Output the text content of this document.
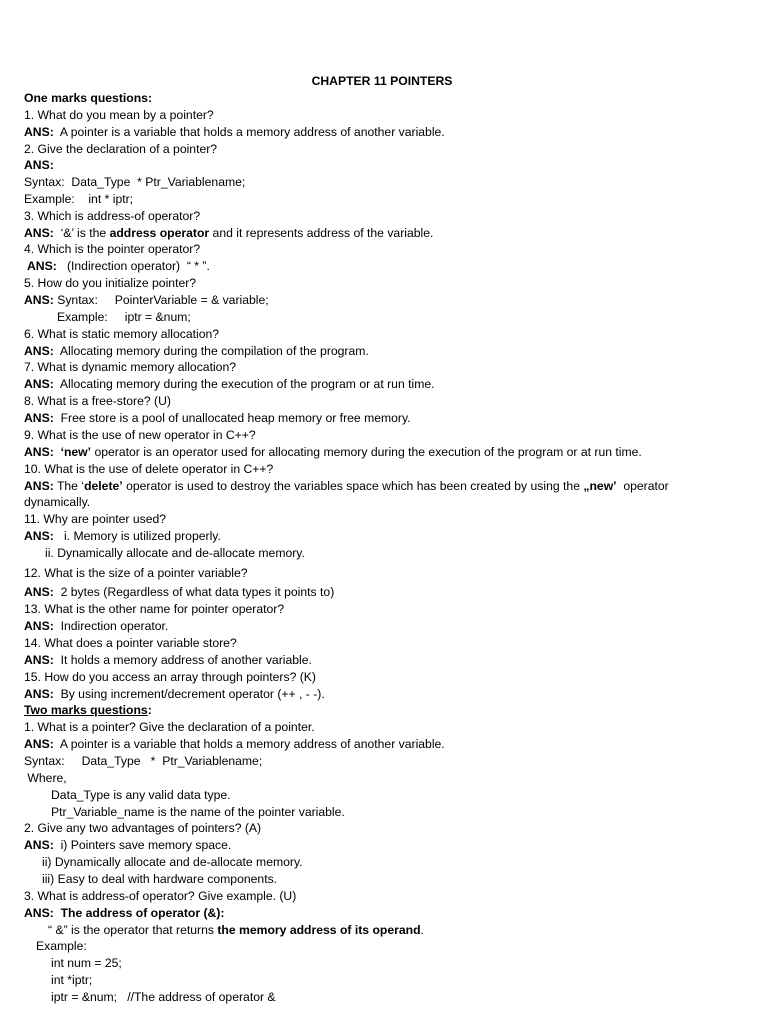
CHAPTER 11 POINTERS
One marks questions:
1. What do you mean by a pointer?
ANS: A pointer is a variable that holds a memory address of another variable.
2. Give the declaration of a pointer?
ANS:
Syntax:  Data_Type  * Ptr_Variablename;
Example:    int * iptr;
3. Which is address-of operator?
ANS:  ‘&’ is the address operator and it represents address of the variable.
4. Which is the pointer operator?
ANS:   (Indirection operator)  “ * ”.
5. How do you initialize pointer?
ANS: Syntax:     PointerVariable = & variable;
Example:     iptr = &num;
6. What is static memory allocation?
ANS: Allocating memory during the compilation of the program.
7. What is dynamic memory allocation?
ANS: Allocating memory during the execution of the program or at run time.
8. What is a free-store? (U)
ANS: Free store is a pool of unallocated heap memory or free memory.
9. What is the use of new operator in C++?
ANS: ‘new’ operator is an operator used for allocating memory during the execution of the program or at run time.
10. What is the use of delete operator in C++?
ANS: The ‘delete’ operator is used to destroy the variables space which has been created by using the „new’  operator
dynamically.
11. Why are pointer used?
ANS:   i. Memory is utilized properly.
ii. Dynamically allocate and de-allocate memory.
12. What is the size of a pointer variable?
ANS: 2 bytes (Regardless of what data types it points to)
13. What is the other name for pointer operator?
ANS: Indirection operator.
14. What does a pointer variable store?
ANS: It holds a memory address of another variable.
15. How do you access an array through pointers? (K)
ANS: By using increment/decrement operator (++ , - -).
Two marks questions:
1. What is a pointer? Give the declaration of a pointer.
ANS: A pointer is a variable that holds a memory address of another variable.
Syntax:     Data_Type   *  Ptr_Variablename;
Where,
Data_Type is any valid data type.
Ptr_Variable_name is the name of the pointer variable.
2. Give any two advantages of pointers? (A)
ANS: i) Pointers save memory space.
ii) Dynamically allocate and de-allocate memory.
iii) Easy to deal with hardware components.
3. What is address-of operator? Give example. (U)
ANS: The address of operator (&):
“ &” is the operator that returns the memory address of its operand.
Example:
int num = 25;
int *iptr;
iptr = &num;   //The address of operator &
